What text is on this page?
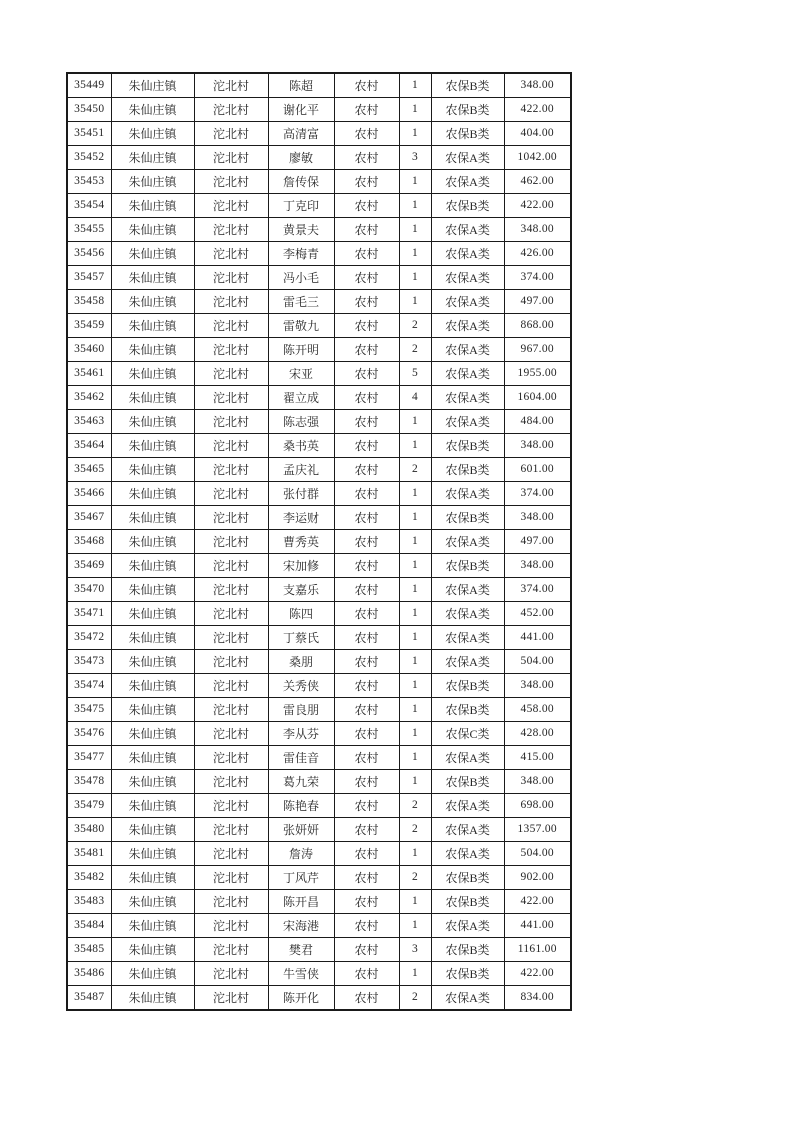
35449	朱仙庄镇	沱北村	陈超	农村	1	农保B类	348.00
35450	朱仙庄镇	沱北村	谢化平	农村	1	农保B类	422.00
35451	朱仙庄镇	沱北村	高清富	农村	1	农保B类	404.00
35452	朱仙庄镇	沱北村	廖敏	农村	3	农保A类	1042.00
35453	朱仙庄镇	沱北村	詹传保	农村	1	农保A类	462.00
35454	朱仙庄镇	沱北村	丁克印	农村	1	农保B类	422.00
35455	朱仙庄镇	沱北村	黄景夫	农村	1	农保A类	348.00
35456	朱仙庄镇	沱北村	李梅青	农村	1	农保A类	426.00
35457	朱仙庄镇	沱北村	冯小毛	农村	1	农保A类	374.00
35458	朱仙庄镇	沱北村	雷毛三	农村	1	农保A类	497.00
35459	朱仙庄镇	沱北村	雷敬九	农村	2	农保A类	868.00
35460	朱仙庄镇	沱北村	陈开明	农村	2	农保A类	967.00
35461	朱仙庄镇	沱北村	宋亚	农村	5	农保A类	1955.00
35462	朱仙庄镇	沱北村	翟立成	农村	4	农保A类	1604.00
35463	朱仙庄镇	沱北村	陈志强	农村	1	农保A类	484.00
35464	朱仙庄镇	沱北村	桑书英	农村	1	农保B类	348.00
35465	朱仙庄镇	沱北村	孟庆礼	农村	2	农保B类	601.00
35466	朱仙庄镇	沱北村	张付群	农村	1	农保A类	374.00
35467	朱仙庄镇	沱北村	李运财	农村	1	农保B类	348.00
35468	朱仙庄镇	沱北村	曹秀英	农村	1	农保A类	497.00
35469	朱仙庄镇	沱北村	宋加修	农村	1	农保B类	348.00
35470	朱仙庄镇	沱北村	支嘉乐	农村	1	农保A类	374.00
35471	朱仙庄镇	沱北村	陈四	农村	1	农保A类	452.00
35472	朱仙庄镇	沱北村	丁蔡氏	农村	1	农保A类	441.00
35473	朱仙庄镇	沱北村	桑朋	农村	1	农保A类	504.00
35474	朱仙庄镇	沱北村	关秀侠	农村	1	农保B类	348.00
35475	朱仙庄镇	沱北村	雷良朋	农村	1	农保B类	458.00
35476	朱仙庄镇	沱北村	李从芬	农村	1	农保C类	428.00
35477	朱仙庄镇	沱北村	雷佳音	农村	1	农保A类	415.00
35478	朱仙庄镇	沱北村	葛九荣	农村	1	农保B类	348.00
35479	朱仙庄镇	沱北村	陈艳春	农村	2	农保A类	698.00
35480	朱仙庄镇	沱北村	张妍妍	农村	2	农保A类	1357.00
35481	朱仙庄镇	沱北村	詹涛	农村	1	农保A类	504.00
35482	朱仙庄镇	沱北村	丁风芹	农村	2	农保B类	902.00
35483	朱仙庄镇	沱北村	陈开昌	农村	1	农保B类	422.00
35484	朱仙庄镇	沱北村	宋海港	农村	1	农保A类	441.00
35485	朱仙庄镇	沱北村	樊君	农村	3	农保B类	1161.00
35486	朱仙庄镇	沱北村	牛雪侠	农村	1	农保B类	422.00
35487	朱仙庄镇	沱北村	陈开化	农村	2	农保A类	834.00
